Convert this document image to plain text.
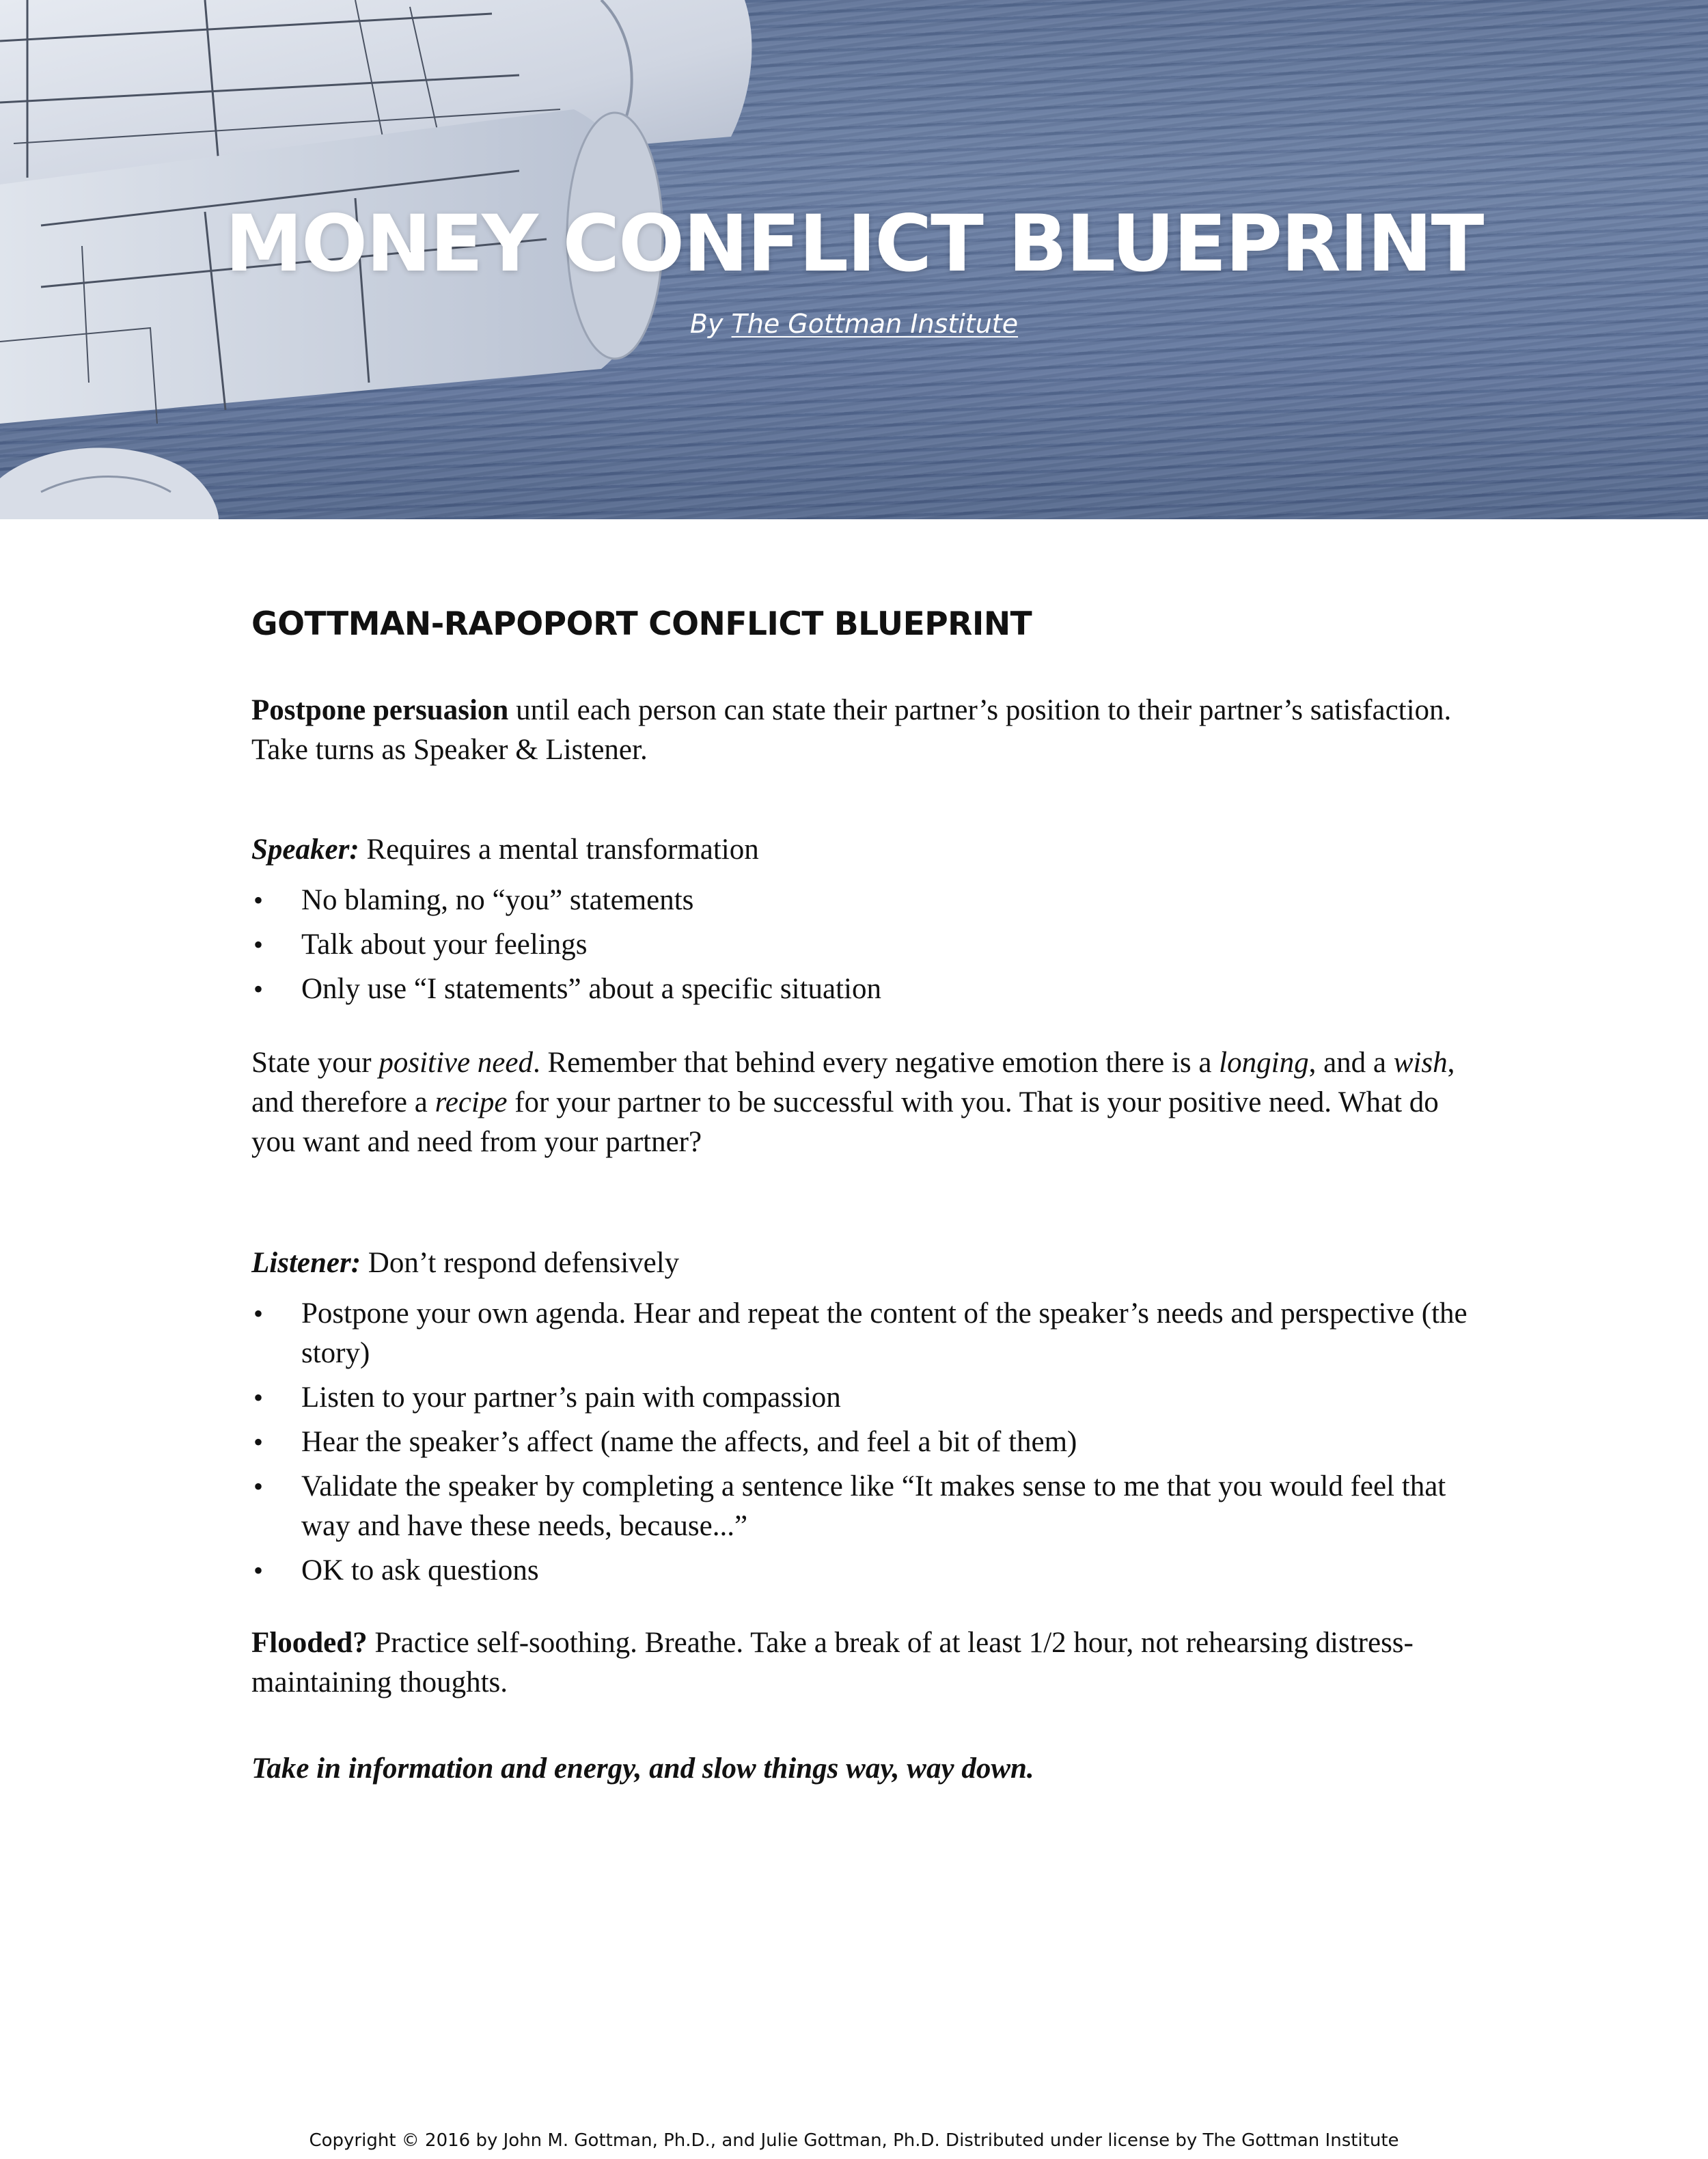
MONEY CONFLICT BLUEPRINT
By The Gottman Institute
GOTTMAN-RAPOPORT CONFLICT BLUEPRINT

Postpone persuasion until each person can state their partner’s position to their partner’s satisfaction. Take turns as Speaker & Listener.

Speaker: Requires a mental transformation

• No blaming, no “you” statements
• Talk about your feelings
• Only use “I statements” about a specific situation

State your positive need. Remember that behind every negative emotion there is a longing, and a wish, and therefore a recipe for your partner to be successful with you. That is your positive need. What do you want and need from your partner?

Listener: Don’t respond defensively

• Postpone your own agenda. Hear and repeat the content of the speaker’s needs and perspective (the story)
• Listen to your partner’s pain with compassion
• Hear the speaker’s affect (name the affects, and feel a bit of them)
• Validate the speaker by completing a sentence like “It makes sense to me that you would feel that way and have these needs, because...”
• OK to ask questions

Flooded? Practice self-soothing. Breathe. Take a break of at least 1/2 hour, not rehearsing distress-maintaining thoughts.

Take in information and energy, and slow things way, way down.

Copyright © 2016 by John M. Gottman, Ph.D., and Julie Gottman, Ph.D. Distributed under license by The Gottman Institute
